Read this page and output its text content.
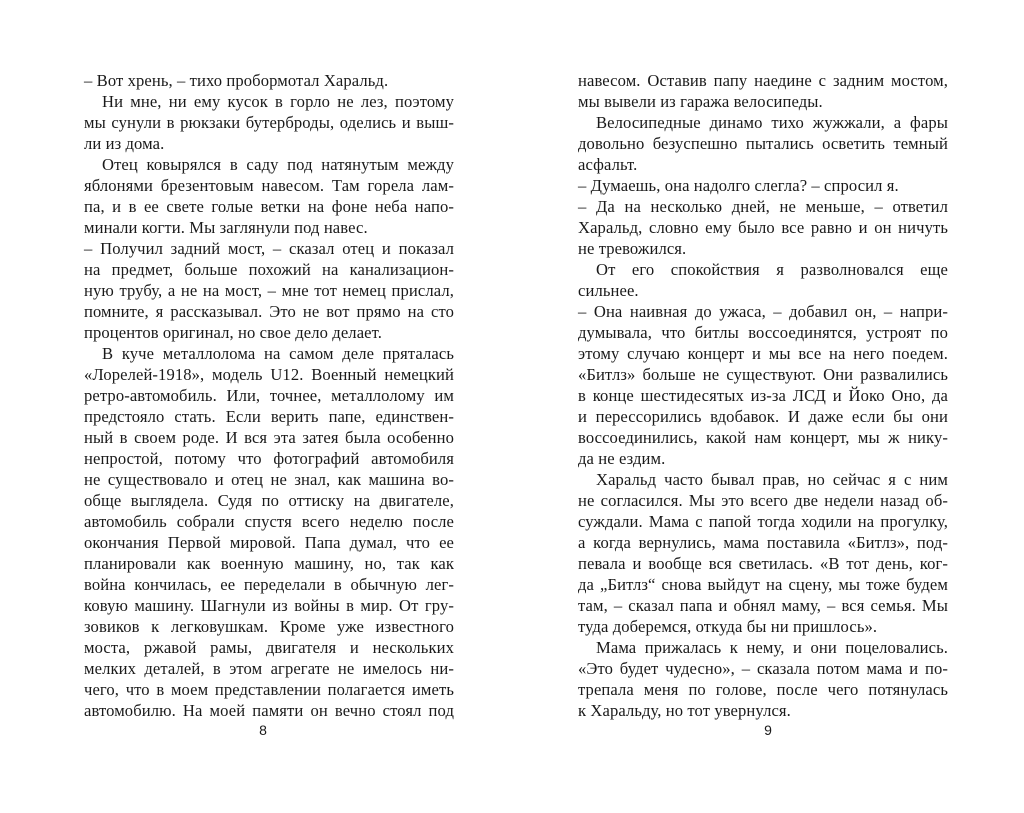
– Вот хрень, – тихо пробормотал Харальд.
Ни мне, ни ему кусок в горло не лез, поэтому
мы сунули в рюкзаки бутерброды, оделись и выш-
ли из дома.
Отец ковырялся в саду под натянутым между
яблонями брезентовым навесом. Там горела лам-
па, и в ее свете голые ветки на фоне неба напо-
минали когти. Мы заглянули под навес.
– Получил задний мост, – сказал отец и показал
на предмет, больше похожий на канализацион-
ную трубу, а не на мост, – мне тот немец прислал,
помните, я рассказывал. Это не вот прямо на сто
процентов оригинал, но свое дело делает.
В куче металлолома на самом деле пряталась
«Лорелей-1918», модель U12. Военный немецкий
ретро-автомобиль. Или, точнее, металлолому им
предстояло стать. Если верить папе, единствен-
ный в своем роде. И вся эта затея была особенно
непростой, потому что фотографий автомобиля
не существовало и отец не знал, как машина во-
обще выглядела. Судя по оттиску на двигателе,
автомобиль собрали спустя всего неделю после
окончания Первой мировой. Папа думал, что ее
планировали как военную машину, но, так как
война кончилась, ее переделали в обычную лег-
ковую машину. Шагнули из войны в мир. От гру-
зовиков к легковушкам. Кроме уже известного
моста, ржавой рамы, двигателя и нескольких
мелких деталей, в этом агрегате не имелось ни-
чего, что в моем представлении полагается иметь
автомобилю. На моей памяти он вечно стоял под
навесом. Оставив папу наедине с задним мостом,
мы вывели из гаража велосипеды.
Велосипедные динамо тихо жужжали, а фары
довольно безуспешно пытались осветить темный
асфальт.
– Думаешь, она надолго слегла? – спросил я.
– Да на несколько дней, не меньше, – ответил
Харальд, словно ему было все равно и он ничуть
не тревожился.
От его спокойствия я разволновался еще
сильнее.
– Она наивная до ужаса, – добавил он, – напри-
думывала, что битлы воссоединятся, устроят по
этому случаю концерт и мы все на него поедем.
«Битлз» больше не существуют. Они развалились
в конце шестидесятых из-за ЛСД и Йоко Оно, да
и перессорились вдобавок. И даже если бы они
воссоединились, какой нам концерт, мы ж нику-
да не ездим.
Харальд часто бывал прав, но сейчас я с ним
не согласился. Мы это всего две недели назад об-
суждали. Мама с папой тогда ходили на прогулку,
а когда вернулись, мама поставила «Битлз», под-
певала и вообще вся светилась. «В тот день, ког-
да „Битлз“ снова выйдут на сцену, мы тоже будем
там, – сказал папа и обнял маму, – вся семья. Мы
туда доберемся, откуда бы ни пришлось».
Мама прижалась к нему, и они поцеловались.
«Это будет чудесно», – сказала потом мама и по-
трепала меня по голове, после чего потянулась
к Харальду, но тот увернулся.
8	9
